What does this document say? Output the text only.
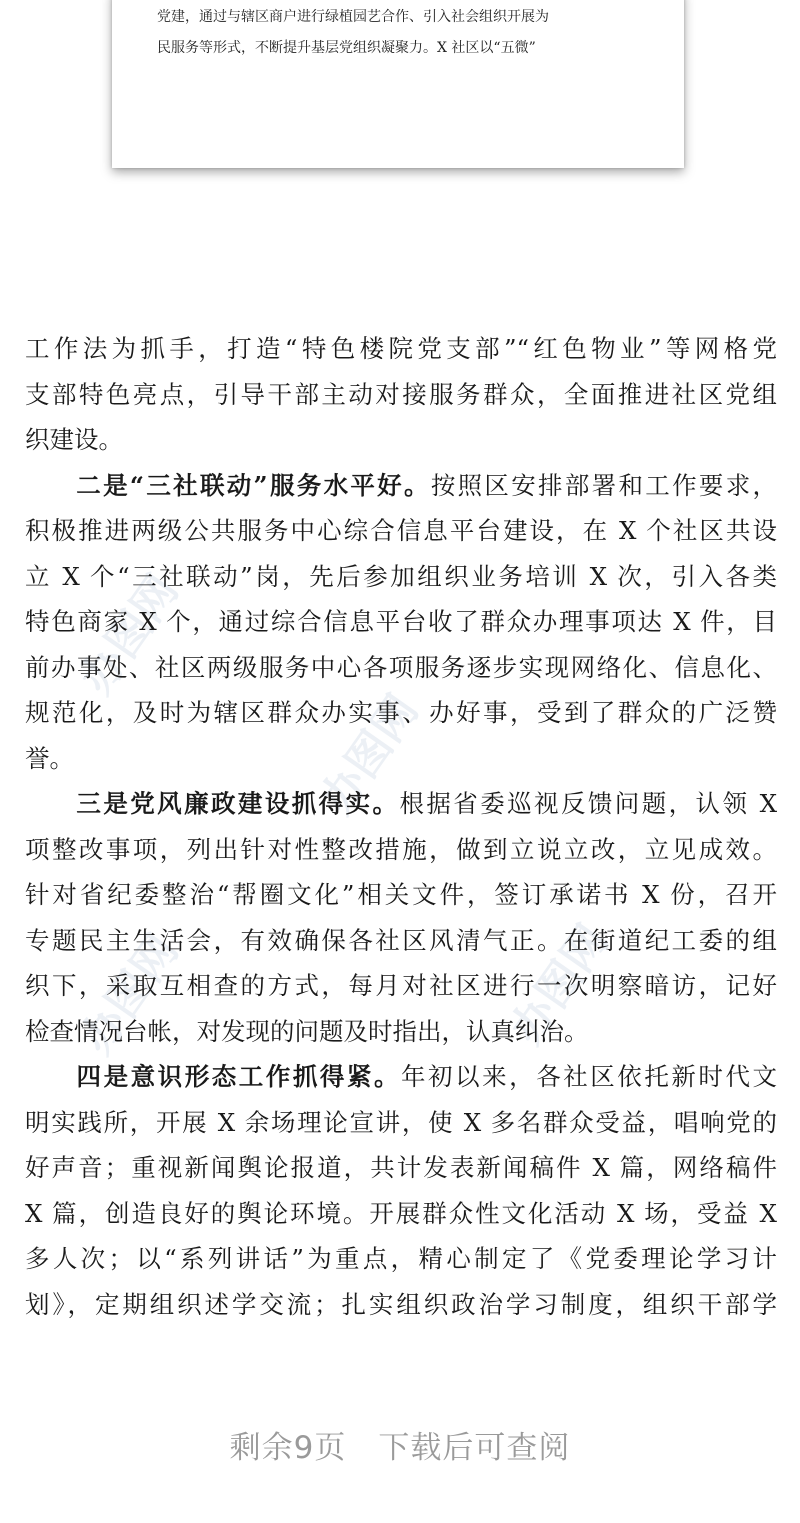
党建，通过与辖区商户进行绿植园艺合作、引入社会组织开展为

民服务等形式，不断提升基层党组织凝聚力。X 社区以“五微”

办图网
办图网
办图网	办图网
工作法为抓手，打造“特色楼院党支部”“红色物业”等网格党
支部特色亮点，引导干部主动对接服务群众，全面推进社区党组
织建设。
二是“三社联动”服务水平好。按照区安排部署和工作要求，
积极推进两级公共服务中心综合信息平台建设，在 X 个社区共设
立 X 个“三社联动”岗，先后参加组织业务培训 X 次，引入各类
特色商家 X 个，通过综合信息平台收了群众办理事项达 X 件，目
前办事处、社区两级服务中心各项服务逐步实现网络化、信息化、
规范化，及时为辖区群众办实事、办好事，受到了群众的广泛赞
誉。
三是党风廉政建设抓得实。根据省委巡视反馈问题，认领 X
项整改事项，列出针对性整改措施，做到立说立改，立见成效。
针对省纪委整治“帮圈文化”相关文件，签订承诺书 X 份，召开
专题民主生活会，有效确保各社区风清气正。在街道纪工委的组
织下，采取互相查的方式，每月对社区进行一次明察暗访，记好
检查情况台帐，对发现的问题及时指出，认真纠治。
四是意识形态工作抓得紧。年初以来，各社区依托新时代文
明实践所，开展 X 余场理论宣讲，使 X 多名群众受益，唱响党的
好声音；重视新闻舆论报道，共计发表新闻稿件 X 篇，网络稿件
X 篇，创造良好的舆论环境。开展群众性文化活动 X 场，受益 X
多人次；以“系列讲话”为重点，精心制定了《党委理论学习计
划》，定期组织述学交流；扎实组织政治学习制度，组织干部学
剩余9页　下载后可查阅
